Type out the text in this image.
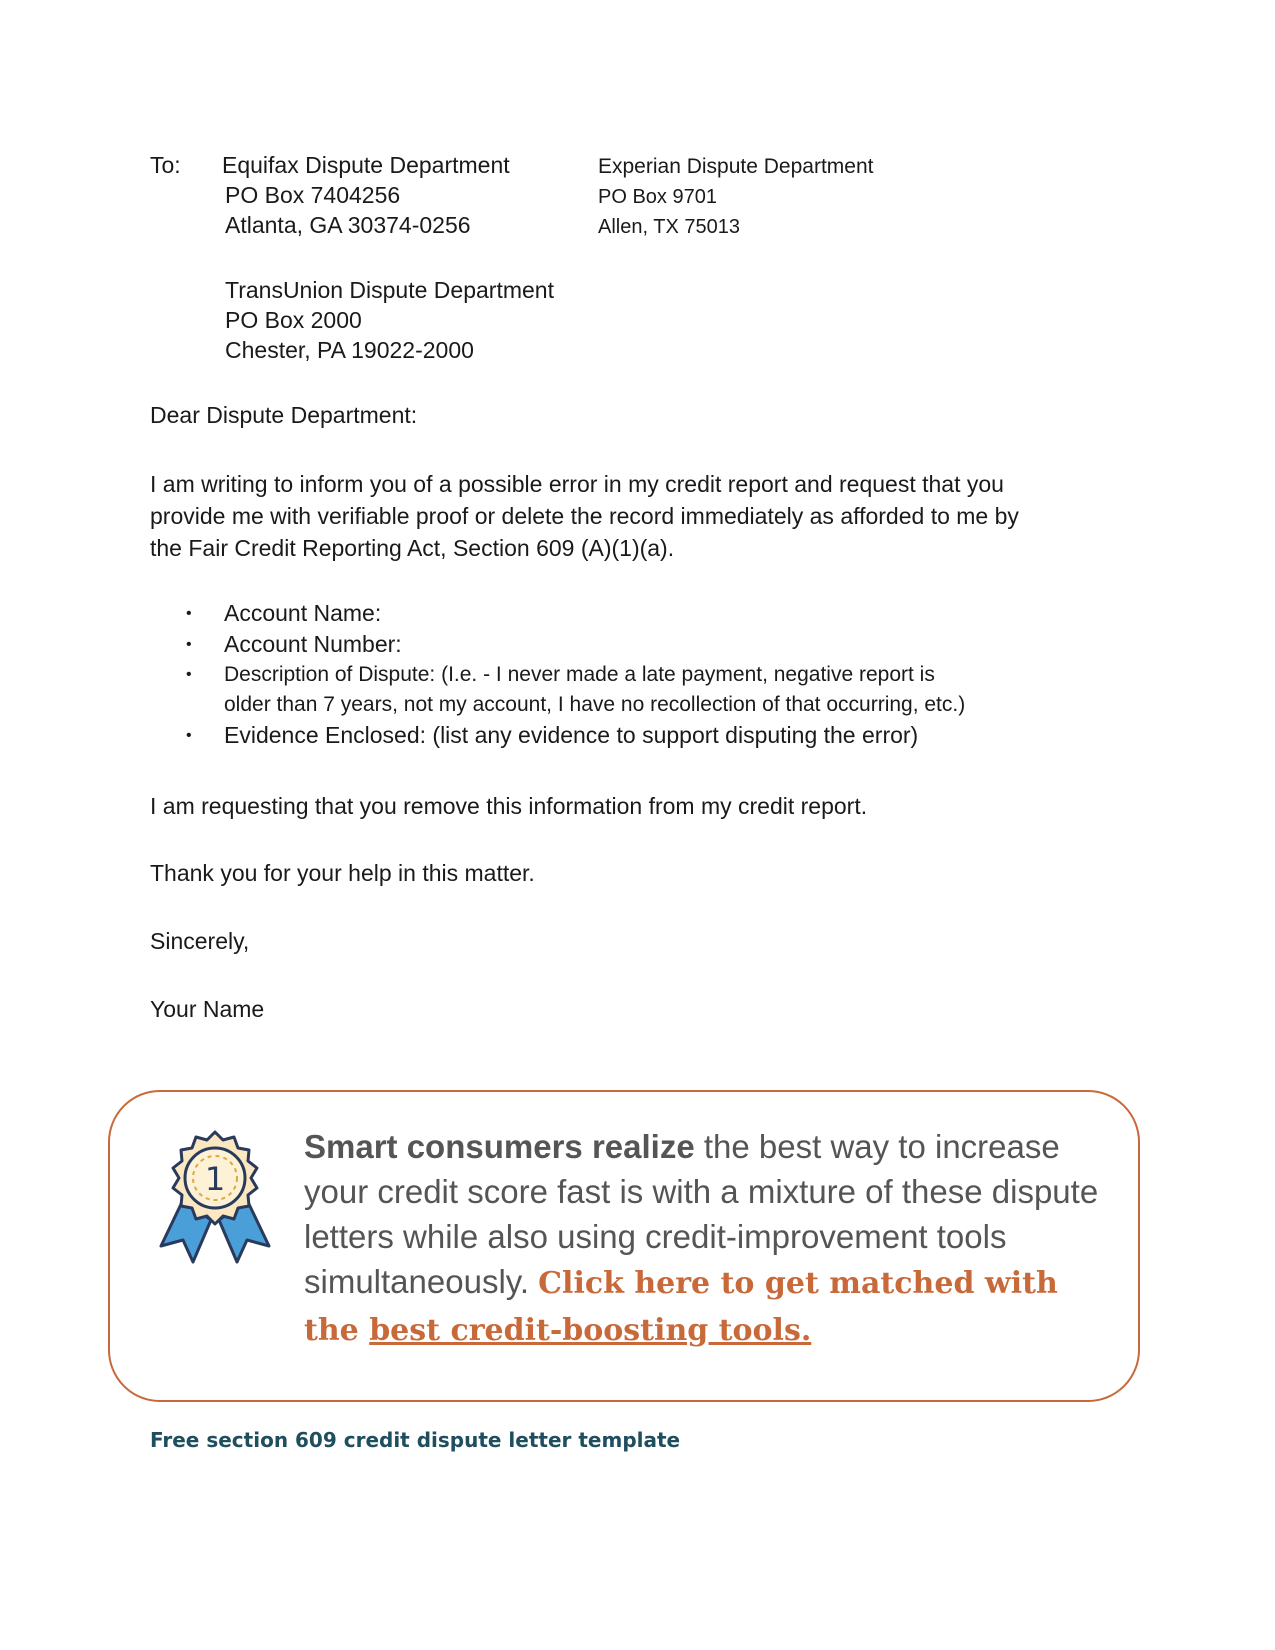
To: Equifax Dispute Department
PO Box 7404256
Atlanta, GA 30374-0256
Experian Dispute Department
PO Box 9701
Allen, TX 75013
TransUnion Dispute Department
PO Box 2000
Chester, PA 19022-2000
Dear Dispute Department:
I am writing to inform you of a possible error in my credit report and request that you
provide me with verifiable proof or delete the record immediately as afforded to me by
the Fair Credit Reporting Act, Section 609 (A)(1)(a).
• Account Name:
• Account Number:
• Description of Dispute: (I.e. - I never made a late payment, negative report is
older than 7 years, not my account, I have no recollection of that occurring, etc.)
• Evidence Enclosed: (list any evidence to support disputing the error)
I am requesting that you remove this information from my credit report.
Thank you for your help in this matter.
Sincerely,
Your Name
1
Smart consumers realize the best way to increase your credit score fast is with a mixture of these dispute letters while also using credit-improvement tools simultaneously. Click here to get matched with the best credit-boosting tools.
Free section 609 credit dispute letter template
